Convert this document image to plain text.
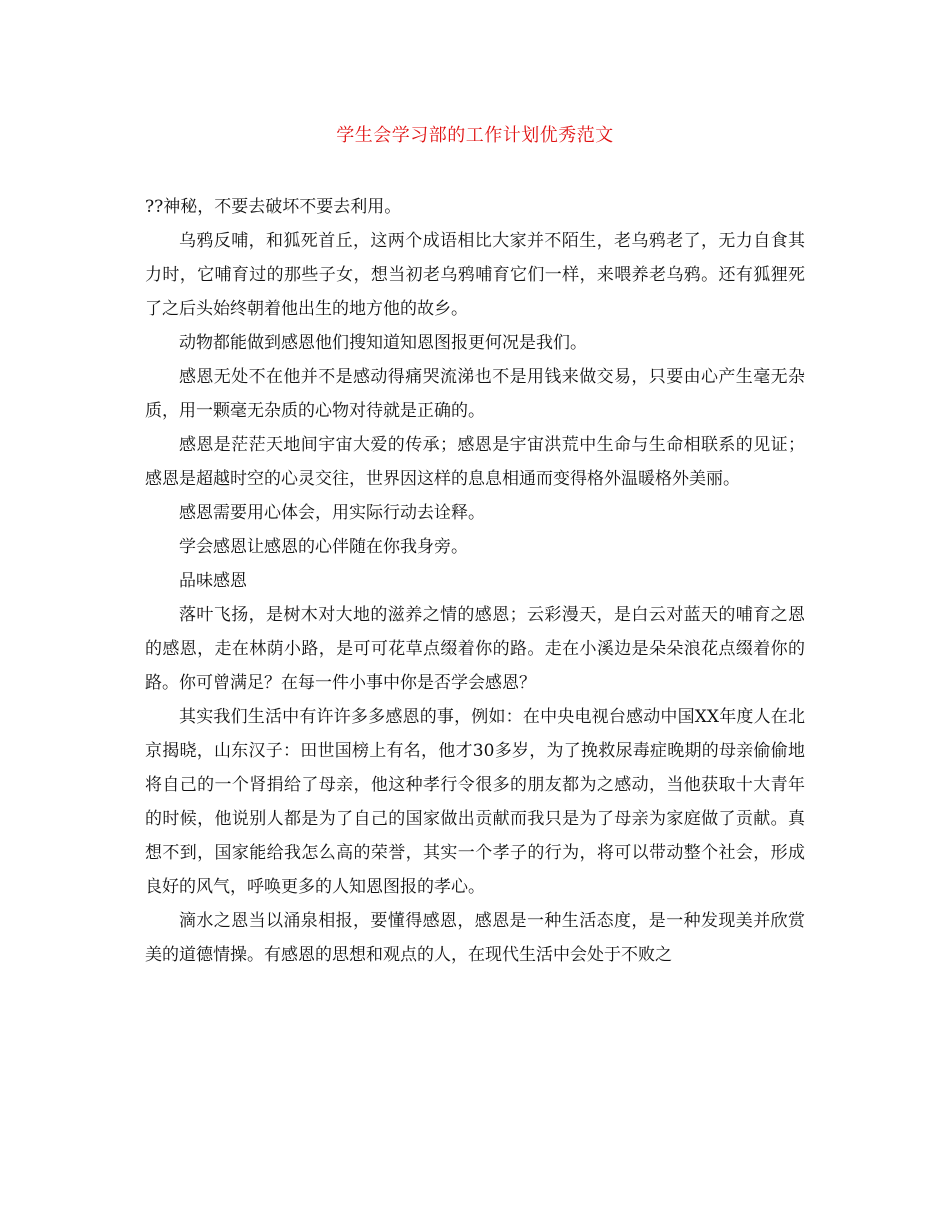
学生会学习部的工作计划优秀范文

??神秘，不要去破坏不要去利用。

乌鸦反哺，和狐死首丘，这两个成语相比大家并不陌生，老乌鸦老了，无力自食其力时，它哺育过的那些子女，想当初老乌鸦哺育它们一样，来喂养老乌鸦。还有狐狸死了之后头始终朝着他出生的地方他的故乡。

动物都能做到感恩他们搜知道知恩图报更何况是我们。

感恩无处不在他并不是感动得痛哭流涕也不是用钱来做交易，只要由心产生毫无杂质，用一颗毫无杂质的心物对待就是正确的。

感恩是茫茫天地间宇宙大爱的传承；感恩是宇宙洪荒中生命与生命相联系的见证；感恩是超越时空的心灵交往，世界因这样的息息相通而变得格外温暖格外美丽。

感恩需要用心体会，用实际行动去诠释。

学会感恩让感恩的心伴随在你我身旁。

品味感恩

落叶飞扬，是树木对大地的滋养之情的感恩；云彩漫天，是白云对蓝天的哺育之恩的感恩，走在林荫小路，是可可花草点缀着你的路。走在小溪边是朵朵浪花点缀着你的路。你可曾满足？在每一件小事中你是否学会感恩？

其实我们生活中有许许多多感恩的事，例如：在中央电视台感动中国XX年度人在北京揭晓，山东汉子：田世国榜上有名，他才30多岁，为了挽救尿毒症晚期的母亲偷偷地将自己的一个肾捐给了母亲，他这种孝行令很多的朋友都为之感动，当他获取十大青年的时候，他说别人都是为了自己的国家做出贡献而我只是为了母亲为家庭做了贡献。真想不到，国家能给我怎么高的荣誉，其实一个孝子的行为，将可以带动整个社会，形成良好的风气，呼唤更多的人知恩图报的孝心。

滴水之恩当以涌泉相报，要懂得感恩，感恩是一种生活态度，是一种发现美并欣赏美的道德情操。有感恩的思想和观点的人，在现代生活中会处于不败之
